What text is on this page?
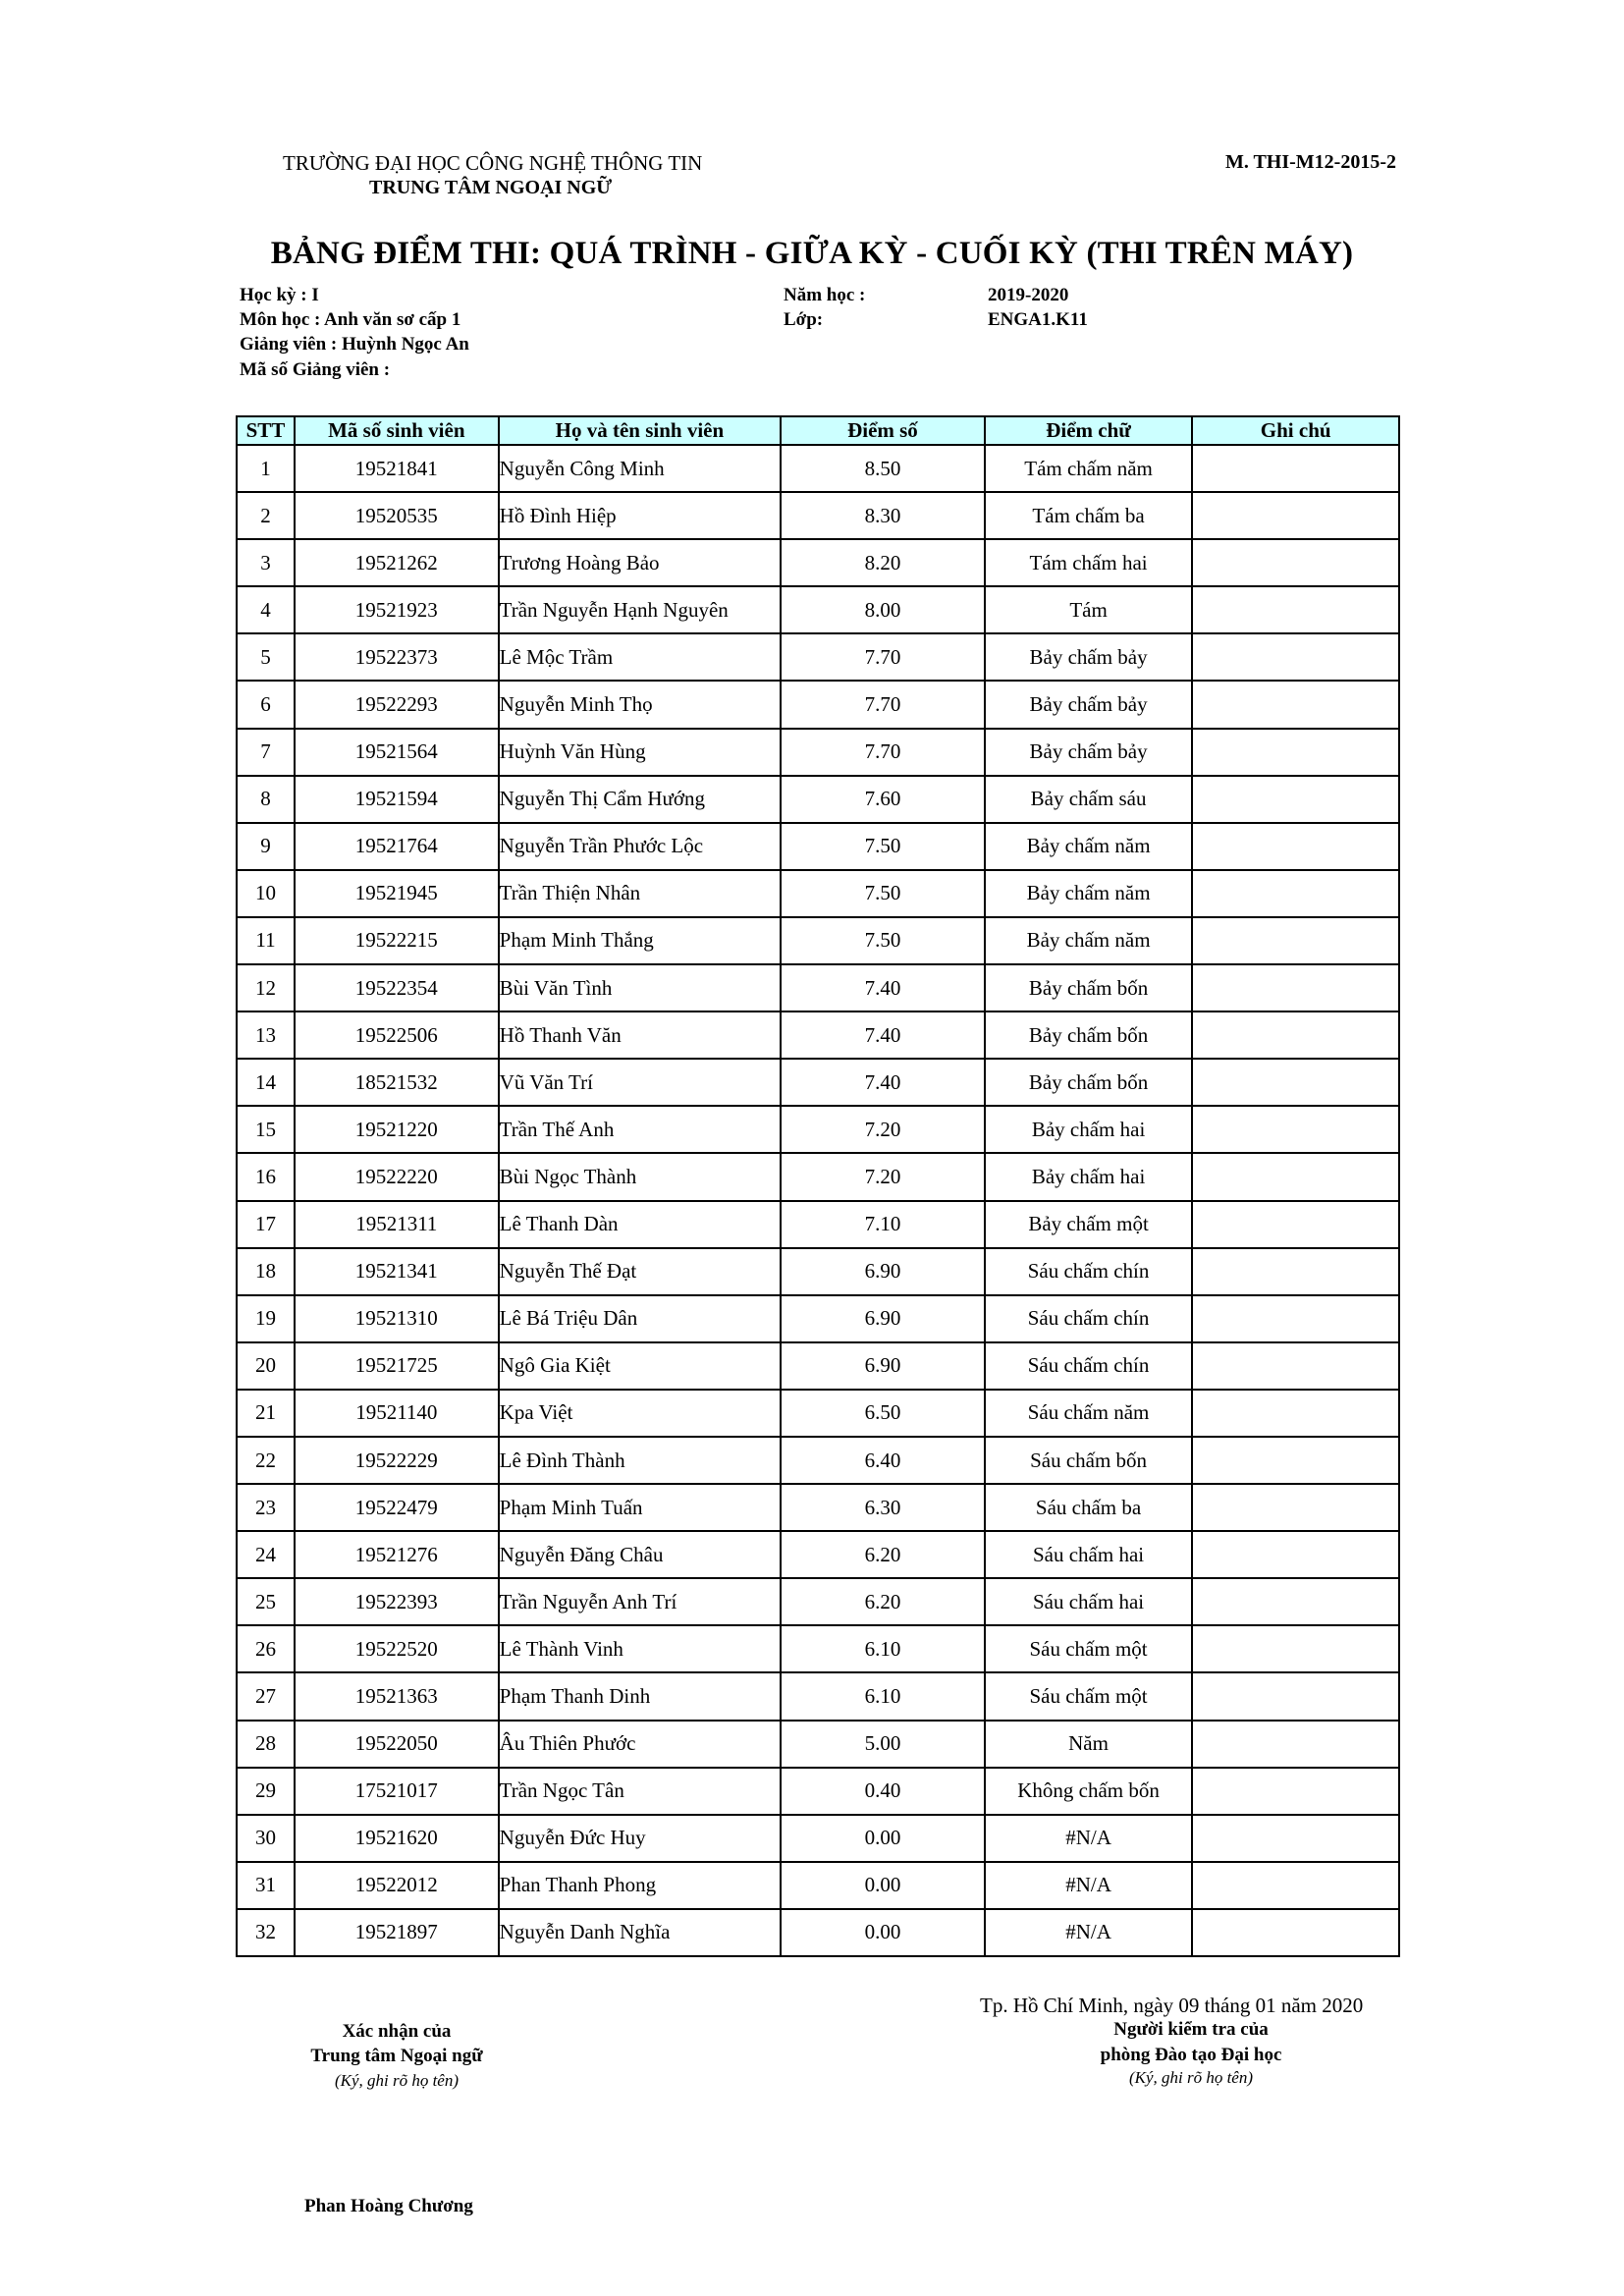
TRƯỜNG ĐẠI HỌC CÔNG NGHỆ THÔNG TIN
TRUNG TÂM NGOẠI NGỮ
M. THI-M12-2015-2
BẢNG ĐIỂM THI: QUÁ TRÌNH - GIỮA KỲ - CUỐI KỲ (THI TRÊN MÁY)
Học kỳ : I
Môn học : Anh văn sơ cấp 1
Giảng viên : Huỳnh Ngọc An
Mã số Giảng viên :
Năm học :	2019-2020
Lớp:	ENGA1.K11
STT	Mã số sinh viên	Họ và tên sinh viên	Điểm số	Điểm chữ	Ghi chú
1	19521841	Nguyễn Công Minh	8.50	Tám chấm năm	
2	19520535	Hồ Đình Hiệp	8.30	Tám chấm ba	
3	19521262	Trương Hoàng Bảo	8.20	Tám chấm hai	
4	19521923	Trần Nguyễn Hạnh Nguyên	8.00	Tám	
5	19522373	Lê Mộc Trầm	7.70	Bảy chấm bảy	
6	19522293	Nguyễn Minh Thọ	7.70	Bảy chấm bảy	
7	19521564	Huỳnh Văn Hùng	7.70	Bảy chấm bảy	
8	19521594	Nguyễn Thị Cẩm Hướng	7.60	Bảy chấm sáu	
9	19521764	Nguyễn Trần Phước Lộc	7.50	Bảy chấm năm	
10	19521945	Trần Thiện Nhân	7.50	Bảy chấm năm	
11	19522215	Phạm Minh Thắng	7.50	Bảy chấm năm	
12	19522354	Bùi Văn Tình	7.40	Bảy chấm bốn	
13	19522506	Hồ Thanh Văn	7.40	Bảy chấm bốn	
14	18521532	Vũ Văn Trí	7.40	Bảy chấm bốn	
15	19521220	Trần Thế Anh	7.20	Bảy chấm hai	
16	19522220	Bùi Ngọc Thành	7.20	Bảy chấm hai	
17	19521311	Lê Thanh Dàn	7.10	Bảy chấm một	
18	19521341	Nguyễn Thế Đạt	6.90	Sáu chấm chín	
19	19521310	Lê Bá Triệu Dân	6.90	Sáu chấm chín	
20	19521725	Ngô Gia Kiệt	6.90	Sáu chấm chín	
21	19521140	Kpa Việt	6.50	Sáu chấm năm	
22	19522229	Lê Đình Thành	6.40	Sáu chấm bốn	
23	19522479	Phạm Minh Tuấn	6.30	Sáu chấm ba	
24	19521276	Nguyễn Đăng Châu	6.20	Sáu chấm hai	
25	19522393	Trần Nguyễn Anh Trí	6.20	Sáu chấm hai	
26	19522520	Lê Thành Vinh	6.10	Sáu chấm một	
27	19521363	Phạm Thanh Dinh	6.10	Sáu chấm một	
28	19522050	Âu Thiên Phước	5.00	Năm	
29	17521017	Trần Ngọc Tân	0.40	Không chấm bốn	
30	19521620	Nguyễn Đức Huy	0.00	#N/A	
31	19522012	Phan Thanh Phong	0.00	#N/A	
32	19521897	Nguyễn Danh Nghĩa	0.00	#N/A	
Tp. Hồ Chí Minh, ngày 09 tháng 01 năm 2020
Xác nhận của
Trung tâm Ngoại ngữ
(Ký, ghi rõ họ tên)
Người kiểm tra của
phòng Đào tạo Đại học
(Ký, ghi rõ họ tên)
Phan Hoàng Chương
